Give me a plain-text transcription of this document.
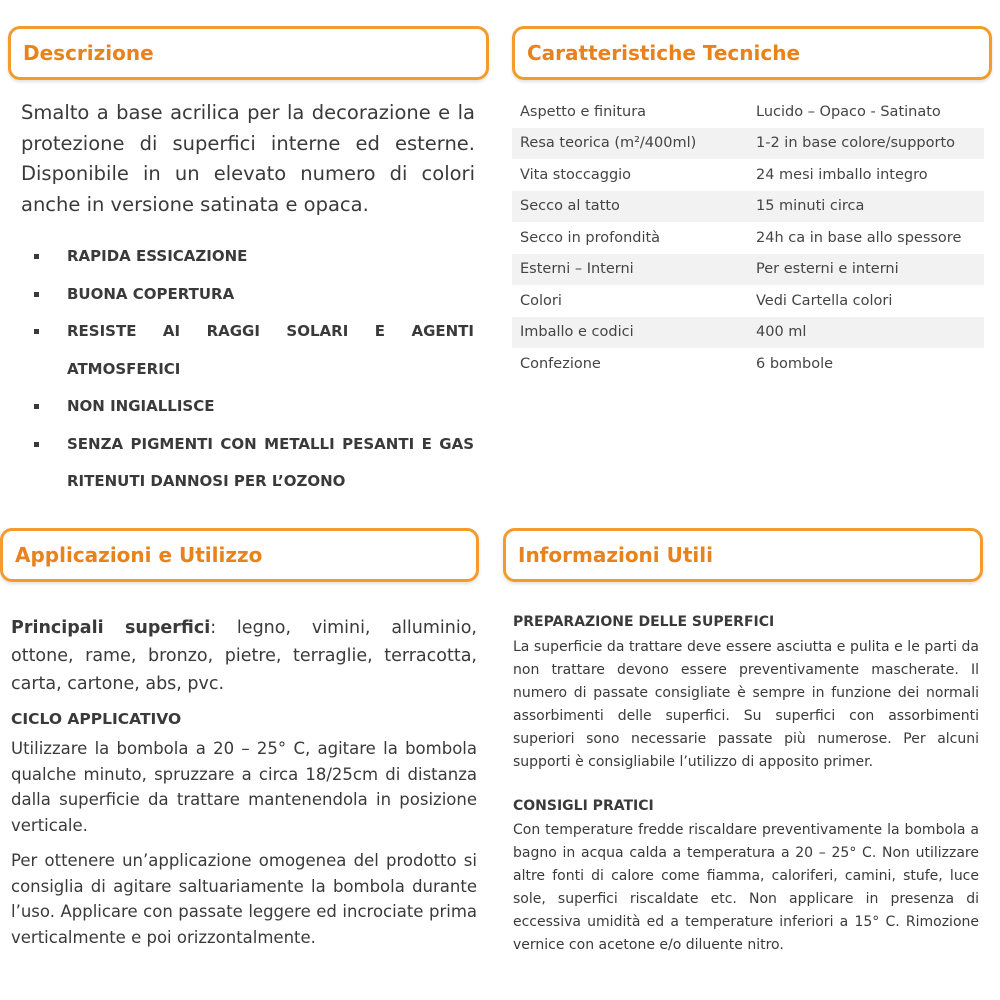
Descrizione	Caratteristiche Tecniche
Applicazioni e Utilizzo	Informazioni Utili

Smalto a base acrilica per la decorazione e la protezione di superfici interne ed esterne. Disponibile in un elevato numero di colori anche in versione satinata e opaca.

RAPIDA ESSICAZIONE
BUONA COPERTURA
RESISTE AI RAGGI SOLARI E AGENTI ATMOSFERICI
NON INGIALLISCE
SENZA PIGMENTI CON METALLI PESANTI E GAS RITENUTI DANNOSI PER L’OZONO
Aspetto e finitura	Lucido – Opaco - Satinato
Resa teorica (m²/400ml)	1-2 in base colore/supporto
Vita stoccaggio	24 mesi imballo integro
Secco al tatto	15 minuti circa
Secco in profondità	24h ca in base allo spessore
Esterni – Interni	Per esterni e interni
Colori	Vedi Cartella colori
Imballo e codici	400 ml
Confezione	6 bombole

Principali superfici: legno, vimini, alluminio, ottone, rame, bronzo, pietre, terraglie, terracotta, carta, cartone, abs, pvc.

CICLO APPLICATIVO

Utilizzare la bombola a 20 – 25° C, agitare la bombola qualche minuto, spruzzare a circa 18/25cm di distanza dalla superficie da trattare mantenendola in posizione verticale.

Per ottenere un’applicazione omogenea del prodotto si consiglia di agitare saltuariamente la bombola durante l’uso. Applicare con passate leggere ed incrociate prima verticalmente e poi orizzontalmente.

PREPARAZIONE DELLE SUPERFICI

La superficie da trattare deve essere asciutta e pulita e le parti da non trattare devono essere preventivamente mascherate. Il numero di passate consigliate è sempre in funzione dei normali assorbimenti delle superfici. Su superfici con assorbimenti superiori sono necessarie passate più numerose. Per alcuni supporti è consigliabile l’utilizzo di apposito primer.

CONSIGLI PRATICI

Con temperature fredde riscaldare preventivamente la bombola a bagno in acqua calda a temperatura a 20 – 25° C. Non utilizzare altre fonti di calore come fiamma, caloriferi, camini, stufe, luce sole, superfici riscaldate etc. Non applicare in presenza di eccessiva umidità ed a temperature inferiori a 15° C. Rimozione vernice con acetone e/o diluente nitro.
